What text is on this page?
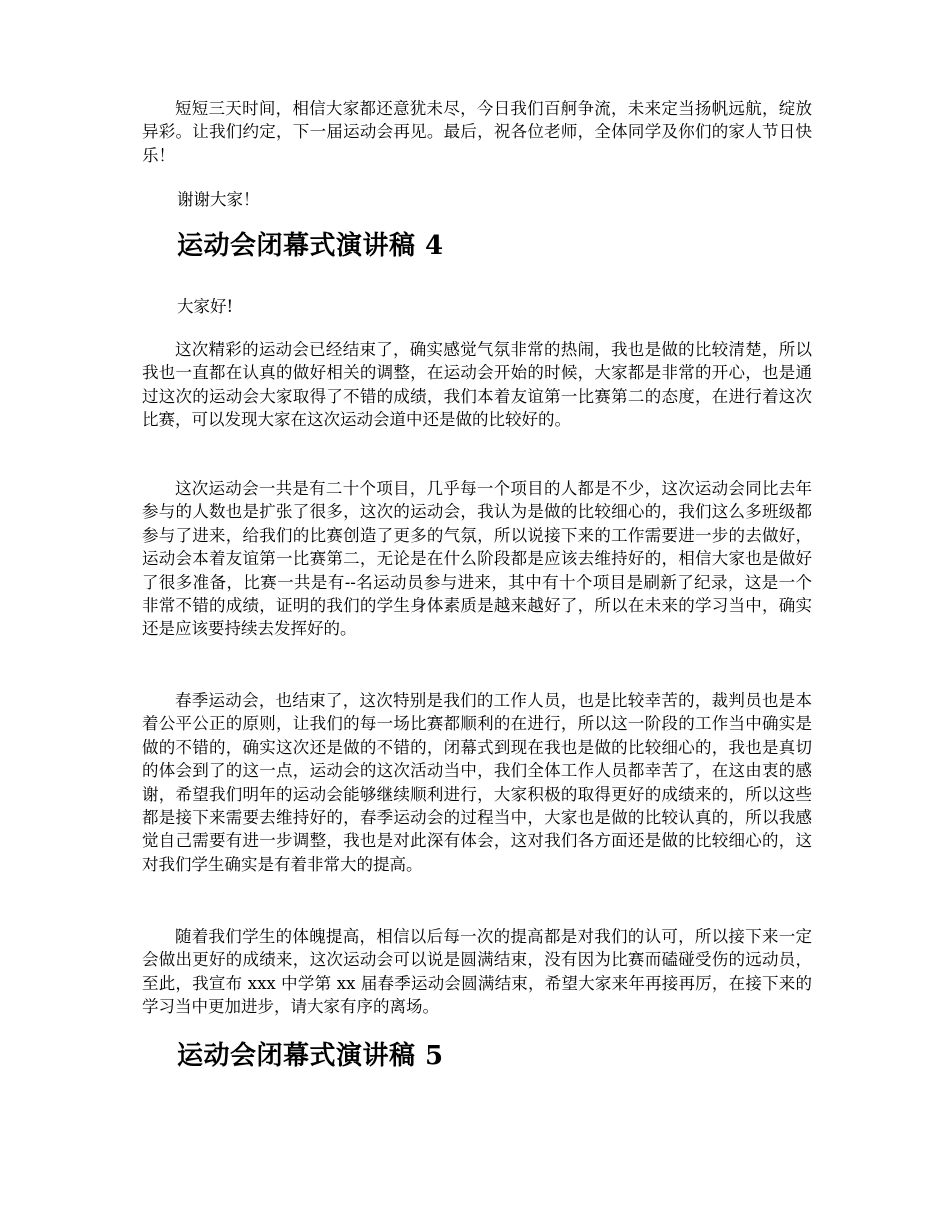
短短三天时间，相信大家都还意犹未尽，今日我们百舸争流，未来定当扬帆远航，绽放异彩。让我们约定，下一届运动会再见。最后，祝各位老师，全体同学及你们的家人节日快乐！

谢谢大家！

运动会闭幕式演讲稿 4

大家好!

这次精彩的运动会已经结束了，确实感觉气氛非常的热闹，我也是做的比较清楚，所以我也一直都在认真的做好相关的调整，在运动会开始的时候，大家都是非常的开心，也是通过这次的运动会大家取得了不错的成绩，我们本着友谊第一比赛第二的态度，在进行着这次比赛，可以发现大家在这次运动会道中还是做的比较好的。

这次运动会一共是有二十个项目，几乎每一个项目的人都是不少，这次运动会同比去年参与的人数也是扩张了很多，这次的运动会，我认为是做的比较细心的，我们这么多班级都参与了进来，给我们的比赛创造了更多的气氛，所以说接下来的工作需要进一步的去做好，运动会本着友谊第一比赛第二，无论是在什么阶段都是应该去维持好的，相信大家也是做好了很多准备，比赛一共是有--名运动员参与进来，其中有十个项目是刷新了纪录，这是一个非常不错的成绩，证明的我们的学生身体素质是越来越好了，所以在未来的学习当中，确实还是应该要持续去发挥好的。

春季运动会，也结束了，这次特别是我们的工作人员，也是比较幸苦的，裁判员也是本着公平公正的原则，让我们的每一场比赛都顺利的在进行，所以这一阶段的工作当中确实是做的不错的，确实这次还是做的不错的，闭幕式到现在我也是做的比较细心的，我也是真切的体会到了的这一点，运动会的这次活动当中，我们全体工作人员都幸苦了，在这由衷的感谢，希望我们明年的运动会能够继续顺利进行，大家积极的取得更好的成绩来的，所以这些都是接下来需要去维持好的，春季运动会的过程当中，大家也是做的比较认真的，所以我感觉自己需要有进一步调整，我也是对此深有体会，这对我们各方面还是做的比较细心的，这对我们学生确实是有着非常大的提高。

随着我们学生的体魄提高，相信以后每一次的提高都是对我们的认可，所以接下来一定会做出更好的成绩来，这次运动会可以说是圆满结束，没有因为比赛而磕碰受伤的远动员，至此，我宣布 xxx 中学第 xx 届春季运动会圆满结束，希望大家来年再接再厉，在接下来的学习当中更加进步，请大家有序的离场。

运动会闭幕式演讲稿 5
